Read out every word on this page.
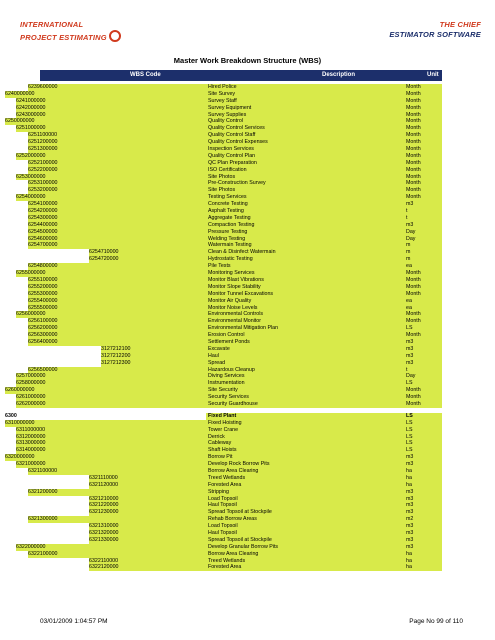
INTERNATIONAL
PROJECT ESTIMATING
THE CHIEF
ESTIMATOR SOFTWARE
Master Work Breakdown Structure (WBS)
WBS Code	Description	Unit
6239600000	Hired Police	Month
6240000000	Site Survey	Month
6241000000	Survey Staff	Month
6242000000	Survey Equipment	Month
6243000000	Survey Supplies	Month
6250000000	Quality Control	Month
6251000000	Quality Control Services	Month
6251100000	Quality Control Staff	Month
6251200000	Quality Control Expenses	Month
6251300000	Inspection Services	Month
6252000000	Quality Control Plan	Month
6252100000	QC Plan Preparation	Month
6252200000	ISO Certification	Month
6253000000	Site Photos	Month
6253100000	Pre-Construction Survey	Month
6253200000	Site Photos	Month
6254000000	Testing Services	Month
6254100000	Concrete Testing	m3
6254200000	Asphalt Testing	t
6254300000	Aggregate Testing	t
6254400000	Compaction Testing	m3
6254500000	Pressure Testing	Day
6254600000	Welding Testing	Day
6254700000	Watermain Testing	m
6254710000	Clean & Disinfect Watermain	m
6254720000	Hydrostatic Testing	m
6254800000	Pile Tests	ea
6255000000	Monitoring Services	Month
6255100000	Monitor Blast Vibrations	Month
6255200000	Monitor Slope Stability	Month
6255300000	Monitor Tunnel Excavations	Month
6255400000	Monitor Air Quality	ea
6255500000	Monitor Noise Levels	ea
6256000000	Environmental Controls	Month
6256100000	Environmental Monitor	Month
6256200000	Environmental Mitigation Plan	LS
6256300000	Erosion Control	Month
6256400000	Settlement Ponds	m3
3127212100	Excavate	m3
3127212200	Haul	m3
3127212300	Spread	m3
6256500000	Hazardous Cleanup	t
6257000000	Diving Services	Day
6258000000	Instrumentation	LS
6260000000	Site Security	Month
6261000000	Security Services	Month
6262000000	Security Guardhouse	Month
6300	Fixed Plant	LS
6310000000	Fixed Hoisting	LS
6311000000	Tower Crane	LS
6312000000	Derrick	LS
6313000000	Cableway	LS
6314000000	Shaft Hoists	LS
6320000000	Borrow Pit	m3
6321000000	Develop Rock Borrow Pits	m3
6321100000	Borrow Area Clearing	ha
6321110000	Treed Wetlands	ha
6321120000	Forested Area	ha
6321200000	Stripping	m3
6321210000	Load Topsoil	m3
6321220000	Haul Topsoil	m3
6321230000	Spread Topsoil at Stockpile	m3
6321300000	Rehab Borrow Areas	m2
6321310000	Load Topsoil	m3
6321320000	Haul Topsoil	m3
6321330000	Spread Topsoil at Stockpile	m3
6322000000	Develop Granular Borrow Pits	m3
6322100000	Borrow Area Clearing	ha
6322110000	Treed Wetlands	ha
6322120000	Forested Area	ha
03/01/2009 1:04:57 PM	Page No 99 of 110
